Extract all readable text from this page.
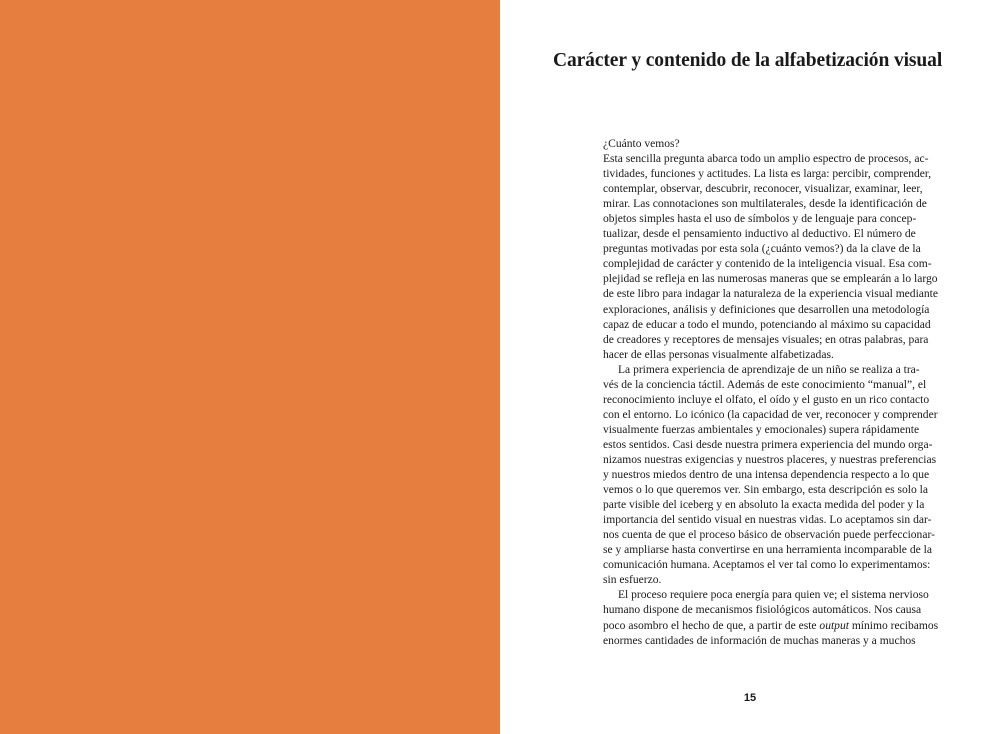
Carácter y contenido de la alfabetización visual
¿Cuánto vemos?
Esta sencilla pregunta abarca todo un amplio espectro de procesos, ac-
tividades, funciones y actitudes. La lista es larga: percibir, comprender,
contemplar, observar, descubrir, reconocer, visualizar, examinar, leer,
mirar. Las connotaciones son multilaterales, desde la identificación de
objetos simples hasta el uso de símbolos y de lenguaje para concep-
tualizar, desde el pensamiento inductivo al deductivo. El número de
preguntas motivadas por esta sola (¿cuánto vemos?) da la clave de la
complejidad de carácter y contenido de la inteligencia visual. Esa com-
plejidad se refleja en las numerosas maneras que se emplearán a lo largo
de este libro para indagar la naturaleza de la experiencia visual mediante
exploraciones, análisis y definiciones que desarrollen una metodología
capaz de educar a todo el mundo, potenciando al máximo su capacidad
de creadores y receptores de mensajes visuales; en otras palabras, para
hacer de ellas personas visualmente alfabetizadas.
La primera experiencia de aprendizaje de un niño se realiza a tra-
vés de la conciencia táctil. Además de este conocimiento “manual”, el
reconocimiento incluye el olfato, el oído y el gusto en un rico contacto
con el entorno. Lo icónico (la capacidad de ver, reconocer y comprender
visualmente fuerzas ambientales y emocionales) supera rápidamente
estos sentidos. Casi desde nuestra primera experiencia del mundo orga-
nizamos nuestras exigencias y nuestros placeres, y nuestras preferencias
y nuestros miedos dentro de una intensa dependencia respecto a lo que
vemos o lo que queremos ver. Sin embargo, esta descripción es solo la
parte visible del iceberg y en absoluto la exacta medida del poder y la
importancia del sentido visual en nuestras vidas. Lo aceptamos sin dar-
nos cuenta de que el proceso básico de observación puede perfeccionar-
se y ampliarse hasta convertirse en una herramienta incomparable de la
comunicación humana. Aceptamos el ver tal como lo experimentamos:
sin esfuerzo.
El proceso requiere poca energía para quien ve; el sistema nervioso
humano dispone de mecanismos fisiológicos automáticos. Nos causa
poco asombro el hecho de que, a partir de este output mínimo recibamos
enormes cantidades de información de muchas maneras y a muchos
15
